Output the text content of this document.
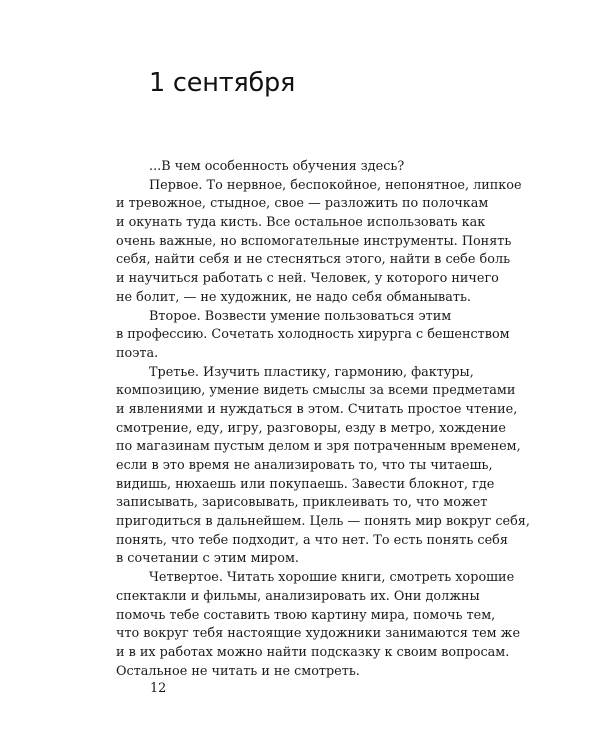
1 сентября
...В чем особенность обучения здесь?
Первое. То нервное, беспокойное, непонятное, липкое
и тревожное, стыдное, свое — разложить по полочкам
и окунать туда кисть. Все остальное использовать как
очень важные, но вспомогательные инструменты. Понять
себя, найти себя и не стесняться этого, найти в себе боль
и научиться работать с ней. Человек, у которого ничего
не болит, — не художник, не надо себя обманывать.
Второе. Возвести умение пользоваться этим
в профессию. Сочетать холодность хирурга с бешенством
поэта.
Третье. Изучить пластику, гармонию, фактуры,
композицию, умение видеть смыслы за всеми предметами
и явлениями и нуждаться в этом. Считать простое чтение,
смотрение, еду, игру, разговоры, езду в метро, хождение
по магазинам пустым делом и зря потраченным временем,
если в это время не анализировать то, что ты читаешь,
видишь, нюхаешь или покупаешь. Завести блокнот, где
записывать, зарисовывать, приклеивать то, что может
пригодиться в дальнейшем. Цель — понять мир вокруг себя,
понять, что тебе подходит, а что нет. То есть понять себя
в сочетании с этим миром.
Четвертое. Читать хорошие книги, смотреть хорошие
спектакли и фильмы, анализировать их. Они должны
помочь тебе составить твою картину мира, помочь тем,
что вокруг тебя настоящие художники занимаются тем же
и в их работах можно найти подсказку к своим вопросам.
Остальное не читать и не смотреть.
12
